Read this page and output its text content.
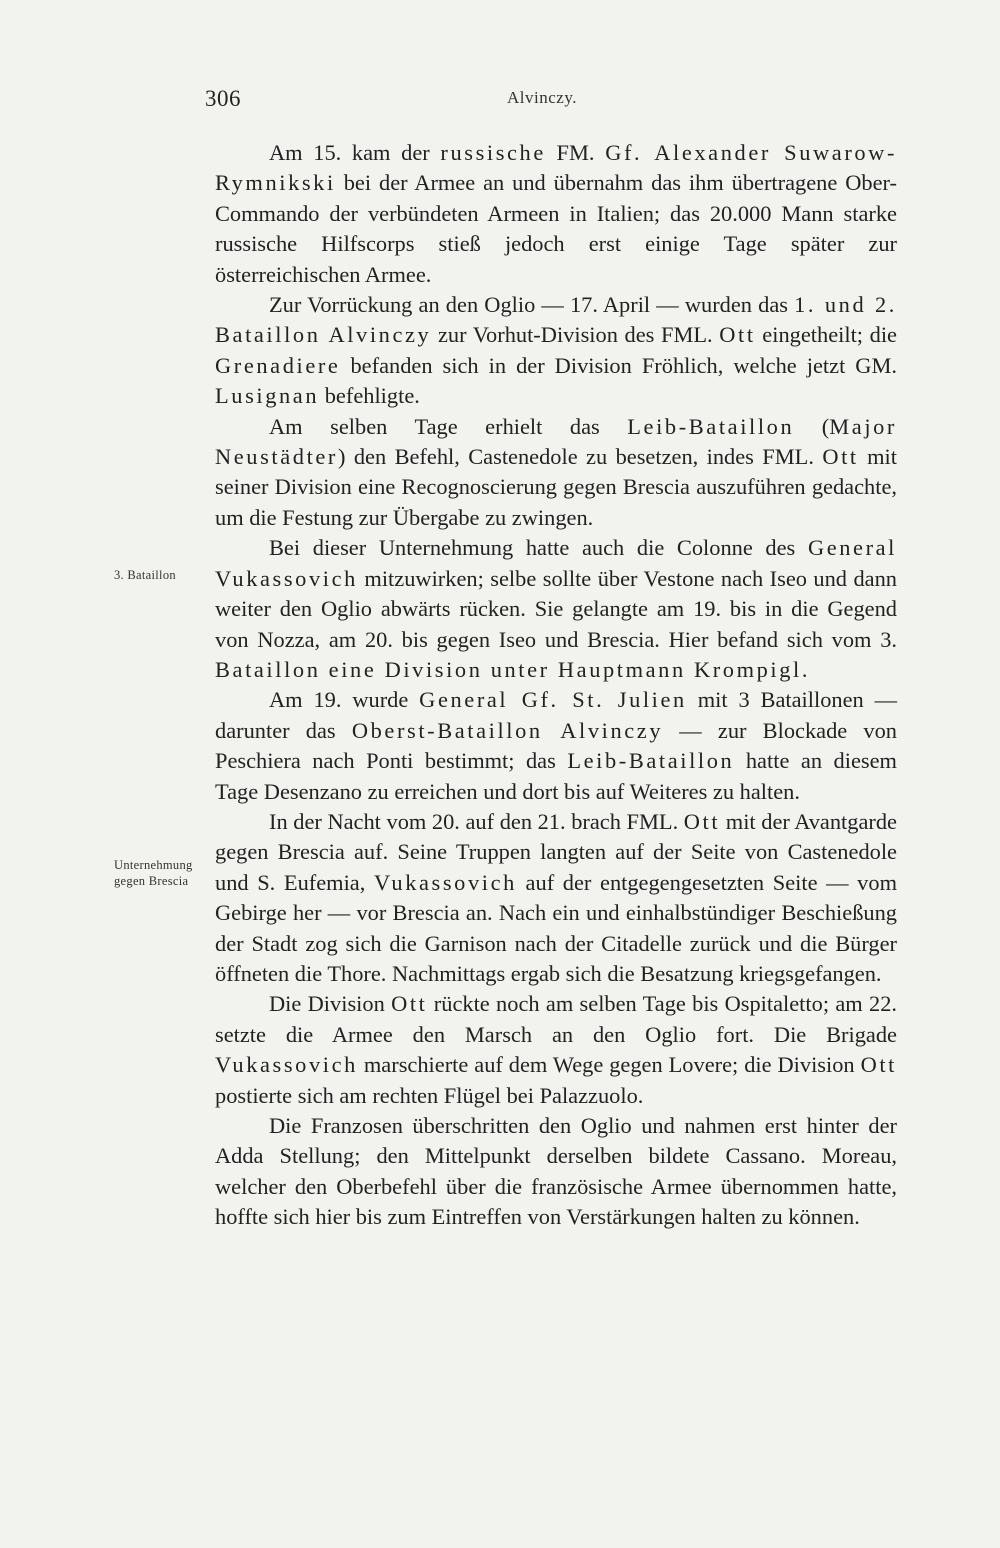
306	Alvinczy.
3. Bataillon
Unternehmung
gegen Brescia

Am 15. kam der russische FM. Gf. Alexander Suwarow-Rymnikski bei der Armee an und übernahm das ihm übertragene Ober-Commando der verbündeten Armeen in Italien; das 20.000 Mann starke russische Hilfscorps stieß jedoch erst einige Tage später zur österreichischen Armee.

Zur Vorrückung an den Oglio — 17. April — wurden das 1. und 2. Bataillon Alvinczy zur Vorhut-Division des FML. Ott eingetheilt; die Grenadiere befanden sich in der Division Fröhlich, welche jetzt GM. Lusignan befehligte.

Am selben Tage erhielt das Leib-Bataillon (Major Neustädter) den Befehl, Castenedole zu besetzen, indes FML. Ott mit seiner Division eine Recognoscierung gegen Brescia auszuführen gedachte, um die Festung zur Übergabe zu zwingen.

Bei dieser Unternehmung hatte auch die Colonne des General Vukassovich mitzuwirken; selbe sollte über Vestone nach Iseo und dann weiter den Oglio abwärts rücken. Sie gelangte am 19. bis in die Gegend von Nozza, am 20. bis gegen Iseo und Brescia. Hier befand sich vom 3. Bataillon eine Division unter Hauptmann Krompigl.

Am 19. wurde General Gf. St. Julien mit 3 Bataillonen — darunter das Oberst-Bataillon Alvinczy — zur Blockade von Peschiera nach Ponti bestimmt; das Leib-Bataillon hatte an diesem Tage Desenzano zu erreichen und dort bis auf Weiteres zu halten.

In der Nacht vom 20. auf den 21. brach FML. Ott mit der Avantgarde gegen Brescia auf. Seine Truppen langten auf der Seite von Castenedole und S. Eufemia, Vukassovich auf der entgegengesetzten Seite — vom Gebirge her — vor Brescia an. Nach ein und einhalbstündiger Beschießung der Stadt zog sich die Garnison nach der Citadelle zurück und die Bürger öffneten die Thore. Nachmittags ergab sich die Besatzung kriegsgefangen.

Die Division Ott rückte noch am selben Tage bis Ospitaletto; am 22. setzte die Armee den Marsch an den Oglio fort. Die Brigade Vukassovich marschierte auf dem Wege gegen Lovere; die Division Ott postierte sich am rechten Flügel bei Palazzuolo.

Die Franzosen überschritten den Oglio und nahmen erst hinter der Adda Stellung; den Mittelpunkt derselben bildete Cassano. Moreau, welcher den Oberbefehl über die französische Armee übernommen hatte, hoffte sich hier bis zum Eintreffen von Verstärkungen halten zu können.
